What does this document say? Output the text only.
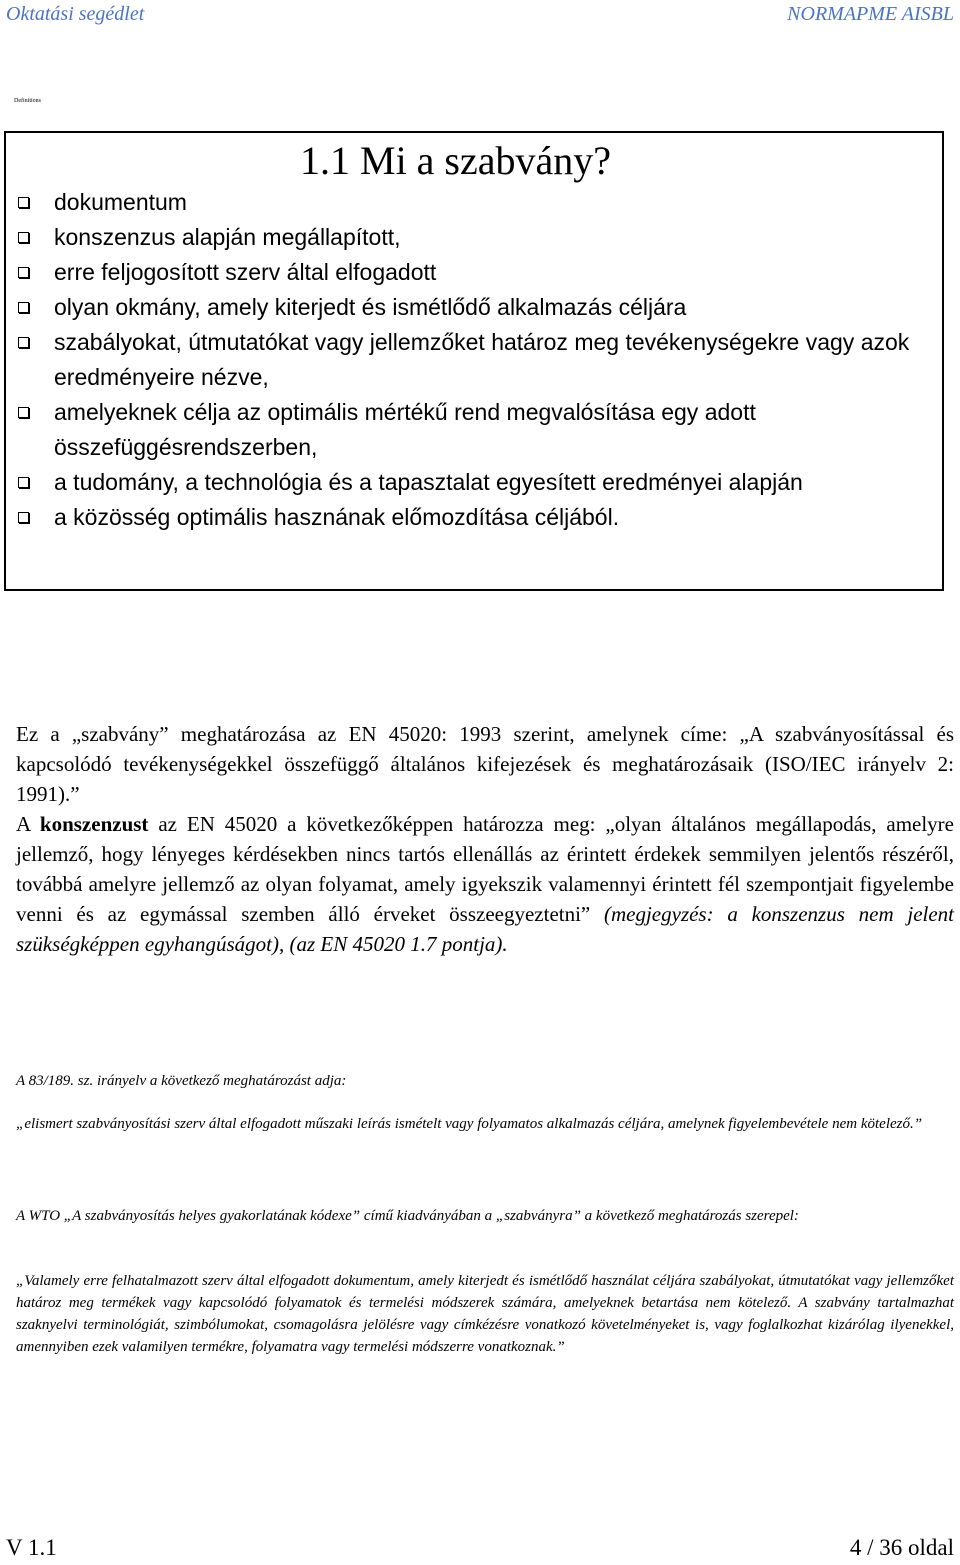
Oktatási segédlet	NORMAPME AISBL
Definitions
1.1 Mi a szabvány?
dokumentum
konszenzus alapján megállapított,
erre feljogosított szerv által elfogadott
olyan okmány, amely kiterjedt és ismétlődő alkalmazás céljára
szabályokat, útmutatókat vagy jellemzőket határoz meg tevékenységekre vagy azok eredményeire nézve,
amelyeknek célja az optimális mértékű rend megvalósítása egy adott összefüggésrendszerben,
a tudomány, a technológia és a tapasztalat egyesített eredményei alapján
a közösség optimális hasznának előmozdítása céljából.

Ez a „szabvány” meghatározása az EN 45020: 1993 szerint, amelynek címe: „A szabványosítással és kapcsolódó tevékenységekkel összefüggő általános kifejezések és meghatározásaik (ISO/IEC irányelv 2: 1991).”

A konszenzust az EN 45020 a következőképpen határozza meg: „olyan általános megállapodás, amelyre jellemző, hogy lényeges kérdésekben nincs tartós ellenállás az érintett érdekek semmilyen jelentős részéről, továbbá amelyre jellemző az olyan folyamat, amely igyekszik valamennyi érintett fél szempontjait figyelembe venni és az egymással szemben álló érveket összeegyeztetni” (megjegyzés: a konszenzus nem jelent szükségképpen egyhangúságot), (az EN 45020 1.7 pontja).

A 83/189. sz. irányelv a következő meghatározást adja:

„elismert szabványosítási szerv által elfogadott műszaki leírás ismételt vagy folyamatos alkalmazás céljára, amelynek figyelembevétele nem kötelező.”

A WTO „A szabványosítás helyes gyakorlatának kódexe” című kiadványában a „szabványra” a következő meghatározás szerepel:

„Valamely erre felhatalmazott szerv által elfogadott dokumentum, amely kiterjedt és ismétlődő használat céljára szabályokat, útmutatókat vagy jellemzőket határoz meg termékek vagy kapcsolódó folyamatok és termelési módszerek számára, amelyeknek betartása nem kötelező. A szabvány tartalmazhat szaknyelvi terminológiát, szimbólumokat, csomagolásra jelölésre vagy címkézésre vonatkozó követelményeket is, vagy foglalkozhat kizárólag ilyenekkel, amennyiben ezek valamilyen termékre, folyamatra vagy termelési módszerre vonatkoznak.”

V 1.1	4 / 36 oldal
